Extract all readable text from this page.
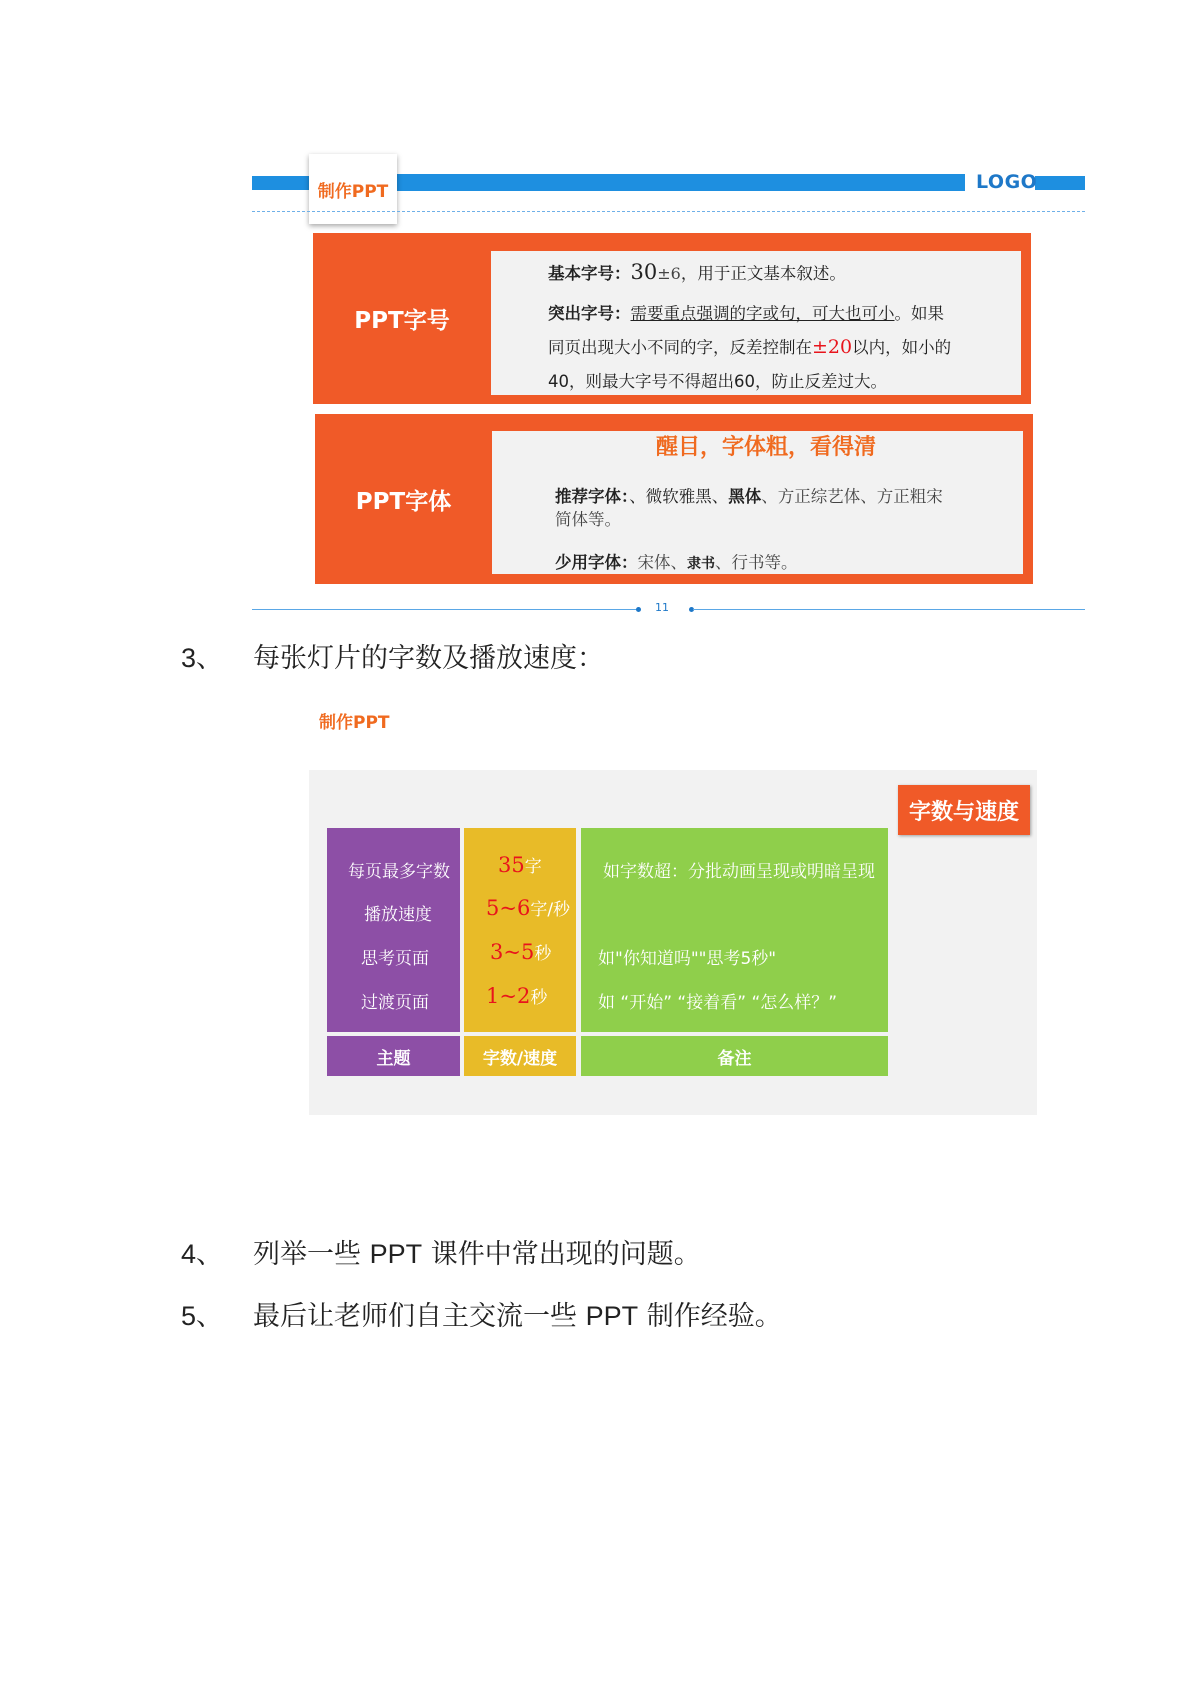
制作PPT	LOGO
PPT字号
基本字号：30±6，用于正文基本叙述。
突出字号：需要重点强调的字或句，可大也可小。如果
同页出现大小不同的字，反差控制在±20以内，如小的
40，则最大字号不得超出60，防止反差过大。
PPT字体
醒目，字体粗，看得清
推荐字体：、微软雅黑、黑体、方正综艺体、方正粗宋
简体等。
少用字体：宋体、隶书、行书等。
11
3、 每张灯片的字数及播放速度：
制作PPT
字数与速度
每页最多字数 35字	如字数超：分批动画呈现或明暗呈现
播放速度	5~6字/秒
思考页面	3~5秒	如"你知道吗""思考5秒"
过渡页面	1~2秒	如 “开始” “接着看” “怎么样？”
主题	字数/速度	备注
4、 列举一些 PPT 课件中常出现的问题。
5、 最后让老师们自主交流一些 PPT 制作经验。
